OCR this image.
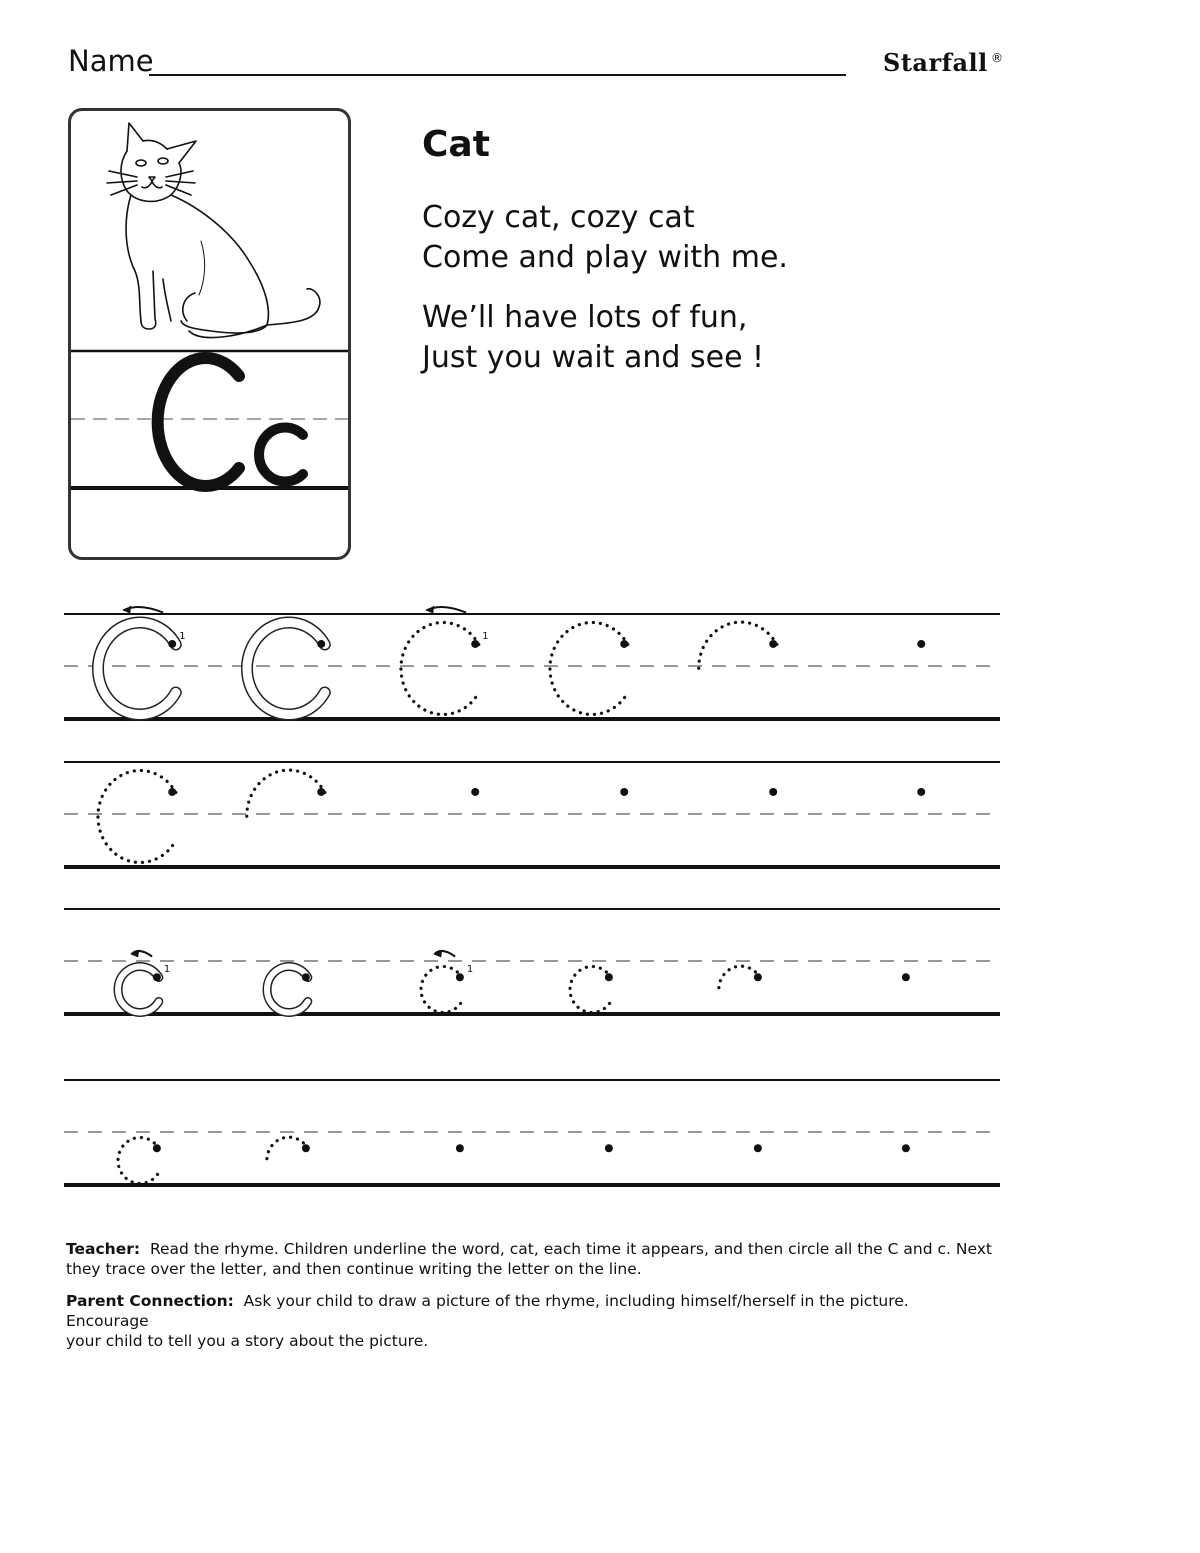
Name	Starfall ®
Cat
Cozy cat, cozy cat
Come and play with me.
We’ll have lots of fun,
Just you wait and see !
1	1
1	1
Teacher: Read the rhyme. Children underline the word, cat, each time it appears, and then circle all the C and c. Next
they trace over the letter, and then continue writing the letter on the line.
Parent Connection: Ask your child to draw a picture of the rhyme, including himself/herself in the picture. Encourage
your child to tell you a story about the picture.
